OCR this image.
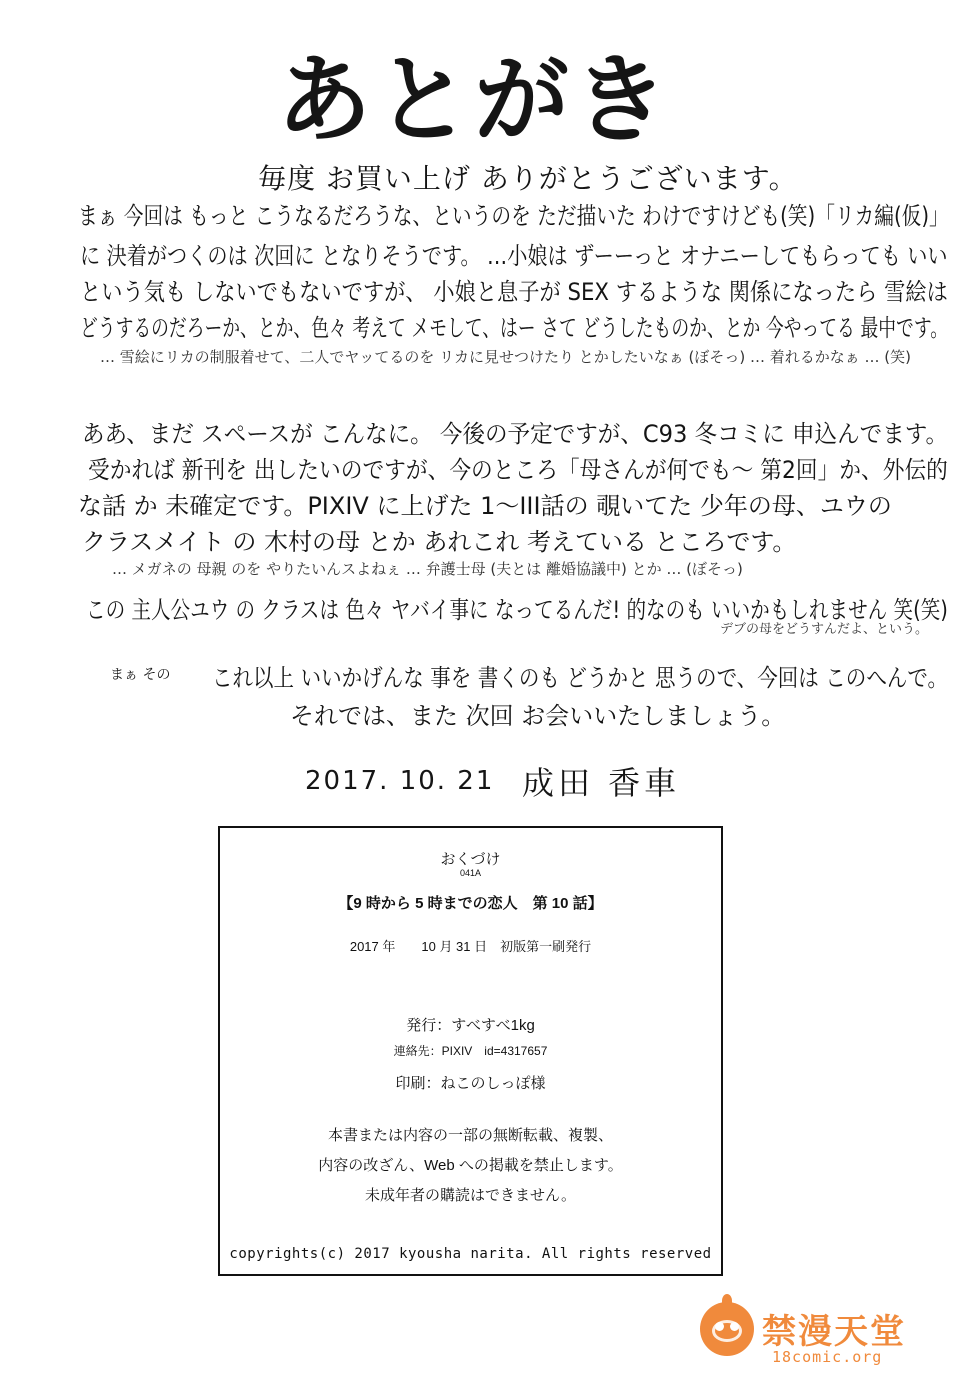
あとがき
毎度 お買い上げ ありがとうございます。
まぁ 今回は もっと こうなるだろうな、というのを ただ描いた わけですけども(笑)「リカ編(仮)」
に 決着がつくのは 次回に となりそうです。 …小娘は ずーーっと オナニーしてもらっても いい
という気も しないでもないですが、 小娘と息子が SEX するような 関係になったら 雪絵は
どうするのだろーか、とか、色々 考えて メモして、はー さて どうしたものか、とか 今やってる 最中です。
… 雪絵にリカの制服着せて、二人でヤッてるのを リカに見せつけたり とかしたいなぁ (ぼそっ) … 着れるかなぁ … (笑)
ああ、まだ スペースが こんなに。 今後の予定ですが、C93 冬コミに 申込んでます。
受かれば 新刊を 出したいのですが、今のところ「母さんが何でも〜 第2回」か、外伝的
な話 か 未確定です。PIXIV に上げた 1〜III話の 覗いてた 少年の母、ユウの
クラスメイト の 木村の母 とか あれこれ 考えている ところです。
… メガネの 母親 のを やりたいんスよねぇ … 弁護士母 (夫とは 離婚協議中) とか … (ぼそっ)
この 主人公ユウ の クラスは 色々 ヤバイ事に なってるんだ! 的なのも いいかもしれません 笑(笑)
デブの母をどうすんだよ、という。
まぁ その これ以上 いいかげんな 事を 書くのも どうかと 思うので、今回は このへんで。
それでは、また 次回 お会いいたしましょう。
2017. 10. 21 成田 香車
おくづけ
041A
【9 時から 5 時までの恋人　第 10 話】
2017 年　　10 月 31 日　初版第一刷発行
発行：すべすべ1kg
連絡先：PIXIV　id=4317657
印刷：ねこのしっぽ様
本書または内容の一部の無断転載、複製、
内容の改ざん、Web への掲載を禁止します。
未成年者の購読はできません。
copyrights(c) 2017 kyousha narita. All rights reserved
禁漫天堂
18comic.org
